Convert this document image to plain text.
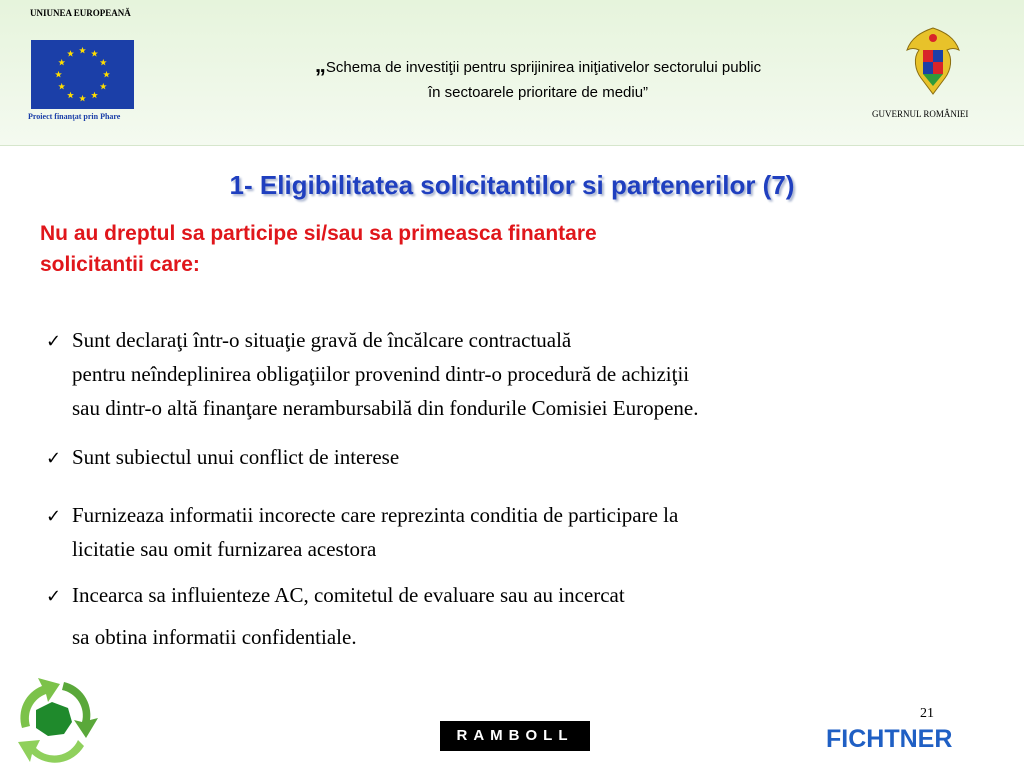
UNIUNEA EUROPEANĂ
Proiect finanţat prin Phare
„Schema de investiţii pentru sprijinirea iniţiativelor sectorului public
în sectoarele prioritare de mediu”
GUVERNUL ROMÂNIEI
1- Eligibilitatea solicitantilor si partenerilor (7)
Nu au dreptul sa participe si/sau sa primeasca finantare
solicitantii care:
✓ Sunt declaraţi într-o situaţie gravă de încălcare contractuală
pentru neîndeplinirea obligaţiilor provenind dintr-o procedură de achiziţii
sau dintr-o altă finanţare nerambursabilă din fondurile Comisiei Europene.
✓ Sunt subiectul unui conflict de interese
✓ Furnizeaza informatii incorecte care reprezinta conditia de participare la
licitatie sau omit furnizarea acestora
✓ Incearca sa influienteze AC, comitetul de evaluare sau au incercat
sa obtina informatii confidentiale.
21
RAMBOLL	FICHTNER
